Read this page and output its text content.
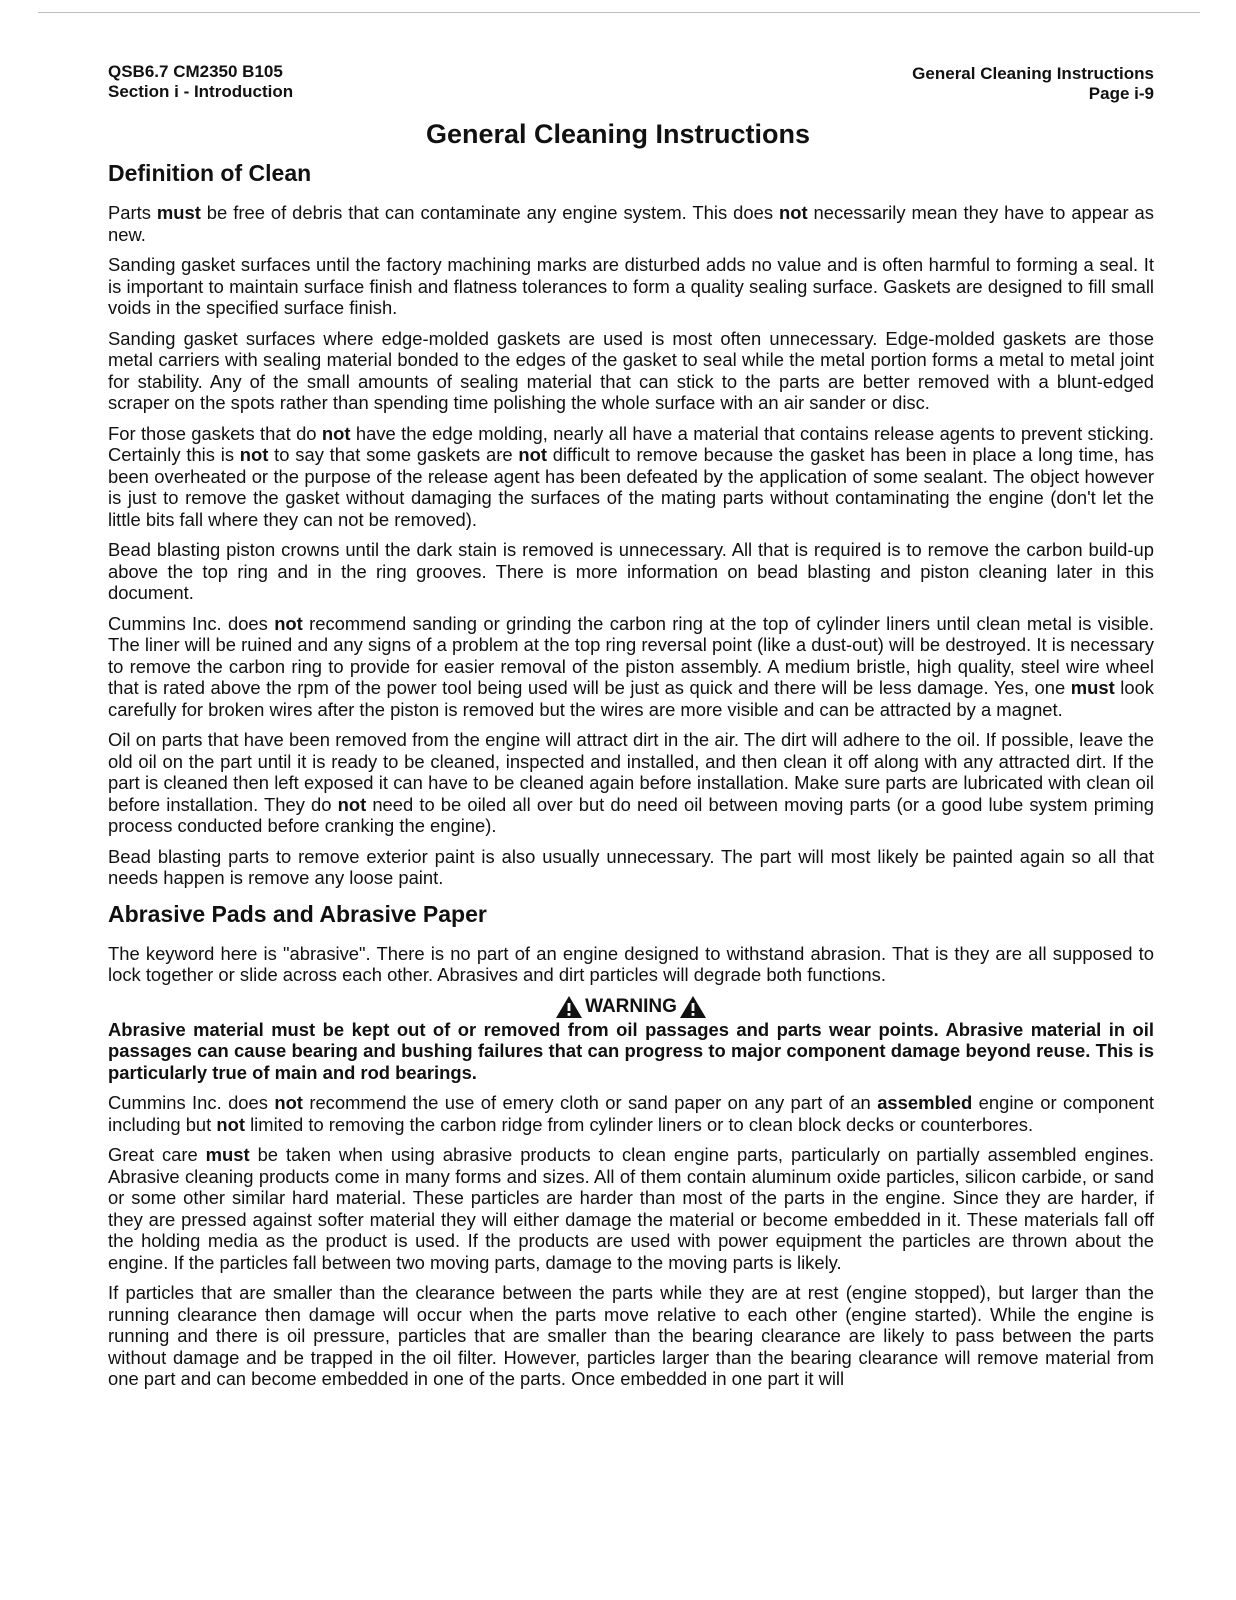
QSB6.7 CM2350 B105
Section i - Introduction
General Cleaning Instructions
Page i-9
General Cleaning Instructions
Definition of Clean

Parts must be free of debris that can contaminate any engine system. This does not necessarily mean they have to appear as new.

Sanding gasket surfaces until the factory machining marks are disturbed adds no value and is often harmful to forming a seal. It is important to maintain surface finish and flatness tolerances to form a quality sealing surface. Gaskets are designed to fill small voids in the specified surface finish.

Sanding gasket surfaces where edge-molded gaskets are used is most often unnecessary. Edge-molded gaskets are those metal carriers with sealing material bonded to the edges of the gasket to seal while the metal portion forms a metal to metal joint for stability. Any of the small amounts of sealing material that can stick to the parts are better removed with a blunt-edged scraper on the spots rather than spending time polishing the whole surface with an air sander or disc.

For those gaskets that do not have the edge molding, nearly all have a material that contains release agents to prevent sticking. Certainly this is not to say that some gaskets are not difficult to remove because the gasket has been in place a long time, has been overheated or the purpose of the release agent has been defeated by the application of some sealant. The object however is just to remove the gasket without damaging the surfaces of the mating parts without contaminating the engine (don't let the little bits fall where they can not be removed).

Bead blasting piston crowns until the dark stain is removed is unnecessary. All that is required is to remove the carbon build-up above the top ring and in the ring grooves. There is more information on bead blasting and piston cleaning later in this document.

Cummins Inc. does not recommend sanding or grinding the carbon ring at the top of cylinder liners until clean metal is visible. The liner will be ruined and any signs of a problem at the top ring reversal point (like a dust-out) will be destroyed. It is necessary to remove the carbon ring to provide for easier removal of the piston assembly. A medium bristle, high quality, steel wire wheel that is rated above the rpm of the power tool being used will be just as quick and there will be less damage. Yes, one must look carefully for broken wires after the piston is removed but the wires are more visible and can be attracted by a magnet.

Oil on parts that have been removed from the engine will attract dirt in the air. The dirt will adhere to the oil. If possible, leave the old oil on the part until it is ready to be cleaned, inspected and installed, and then clean it off along with any attracted dirt. If the part is cleaned then left exposed it can have to be cleaned again before installation. Make sure parts are lubricated with clean oil before installation. They do not need to be oiled all over but do need oil between moving parts (or a good lube system priming process conducted before cranking the engine).

Bead blasting parts to remove exterior paint is also usually unnecessary. The part will most likely be painted again so all that needs happen is remove any loose paint.

Abrasive Pads and Abrasive Paper

The keyword here is "abrasive". There is no part of an engine designed to withstand abrasion. That is they are all supposed to lock together or slide across each other. Abrasives and dirt particles will degrade both functions.

WARNING

Abrasive material must be kept out of or removed from oil passages and parts wear points. Abrasive material in oil passages can cause bearing and bushing failures that can progress to major component damage beyond reuse. This is particularly true of main and rod bearings.

Cummins Inc. does not recommend the use of emery cloth or sand paper on any part of an assembled engine or component including but not limited to removing the carbon ridge from cylinder liners or to clean block decks or counterbores.

Great care must be taken when using abrasive products to clean engine parts, particularly on partially assembled engines. Abrasive cleaning products come in many forms and sizes. All of them contain aluminum oxide particles, silicon carbide, or sand or some other similar hard material. These particles are harder than most of the parts in the engine. Since they are harder, if they are pressed against softer material they will either damage the material or become embedded in it. These materials fall off the holding media as the product is used. If the products are used with power equipment the particles are thrown about the engine. If the particles fall between two moving parts, damage to the moving parts is likely.

If particles that are smaller than the clearance between the parts while they are at rest (engine stopped), but larger than the running clearance then damage will occur when the parts move relative to each other (engine started). While the engine is running and there is oil pressure, particles that are smaller than the bearing clearance are likely to pass between the parts without damage and be trapped in the oil filter. However, particles larger than the bearing clearance will remove material from one part and can become embedded in one of the parts. Once embedded in one part it will
